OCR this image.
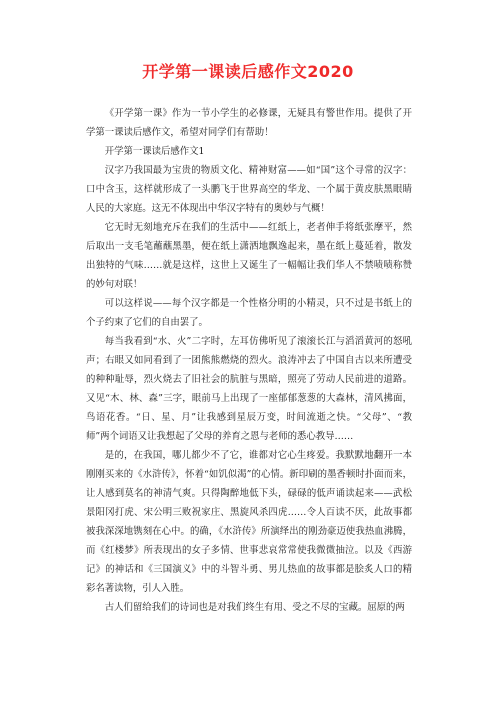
开学第一课读后感作文2020

《开学第一课》作为一节小学生的必修课，无疑具有警世作用。提供了开学第一课读后感作文，希望对同学们有帮助！

开学第一课读后感作文1

汉字乃我国最为宝贵的物质文化、精神财富——如“国”这个寻常的汉字：口中含玉，这样就形成了一头鹏飞于世界高空的华龙、一个属于黄皮肤黑眼睛人民的大家庭。这无不体现出中华汉字特有的奥妙与气概！

它无时无刻地充斥在我们的生活中——红纸上，老者伸手将纸张摩平，然后取出一支毛笔蘸蘸黑墨，便在纸上潇洒地飘逸起来，墨在纸上蔓延着，散发出独特的气味……就是这样，这世上又诞生了一幅幅让我们华人不禁啧啧称赞的妙句对联！

可以这样说——每个汉字都是一个性格分明的小精灵，只不过是书纸上的个子约束了它们的自由罢了。

每当我看到“水、火”二字时，左耳仿佛听见了滚滚长江与滔滔黄河的怒吼声；右眼又如同看到了一团熊熊燃烧的烈火。浪涛冲去了中国自古以来所遭受的种种耻辱，烈火烧去了旧社会的肮脏与黑暗，照亮了劳动人民前进的道路。又见“木、林、森”三字，眼前马上出现了一座郁郁葱葱的大森林，清风拂面，鸟语花香。“日、星、月”让我感到星辰万变，时间流逝之快。“父母”、“教师”两个词语又让我想起了父母的养育之恩与老师的悉心教导……

是的，在我国，哪儿都少不了它，谁都对它心生疼爱。我默默地翻开一本刚刚买来的《水浒传》，怀着“如饥似渴”的心情。新印刷的墨香顿时扑面而来，让人感到莫名的神清气爽。只得陶醉地低下头，碌碌的低声诵读起来——武松景阳冈打虎、宋公明三败祝家庄、黑旋风杀四虎……令人百读不厌，此故事都被我深深地镌刻在心中。的确，《水浒传》所演绎出的刚劲豪迈使我热血沸腾，而《红楼梦》所表现出的女子多情、世事悲哀常常使我微微抽泣。以及《西游记》的神话和《三国演义》中的斗智斗勇、男儿热血的故事都是脍炙人口的精彩名著读物，引人入胜。

古人们留给我们的诗词也是对我们终生有用、受之不尽的宝藏。屈原的两
